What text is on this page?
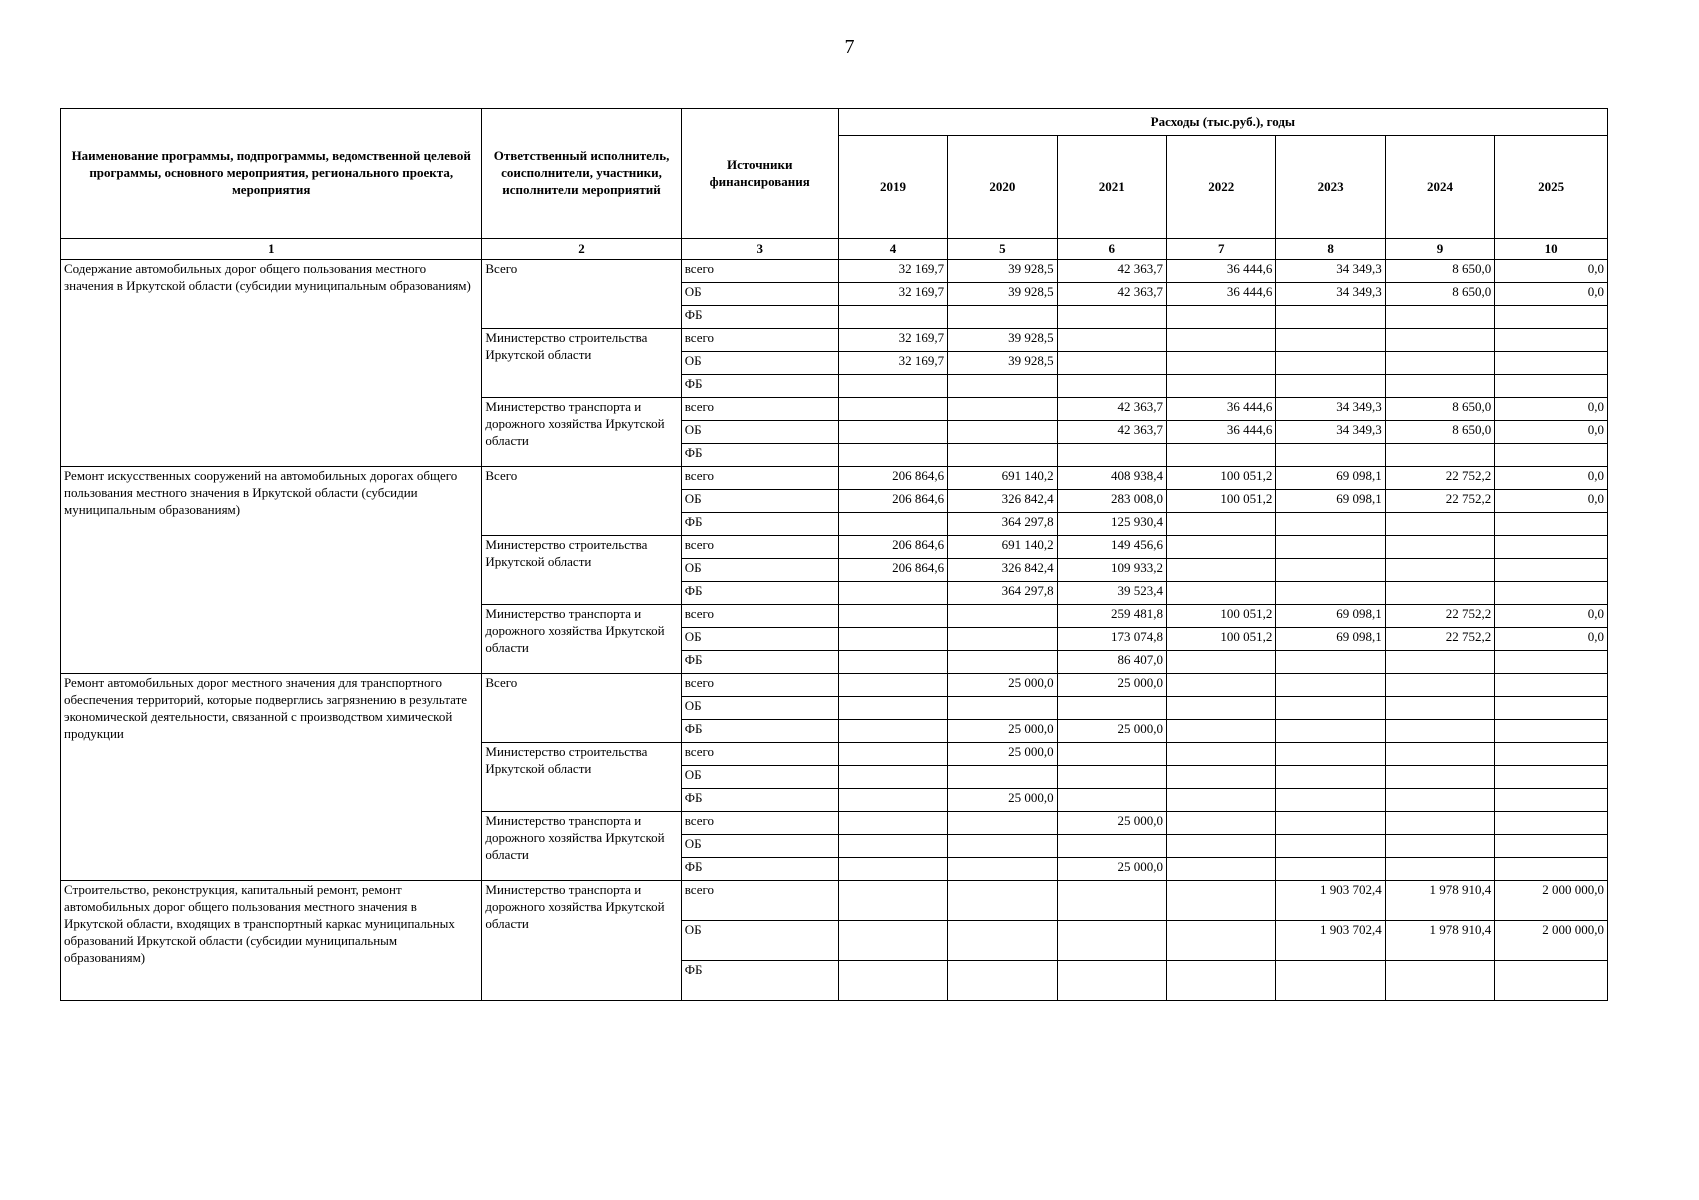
7
Наименование программы, подпрограммы, ведомственной целевой программы, основного мероприятия, регионального проекта, мероприятия	Ответственный исполнитель, соисполнители, участники, исполнители мероприятий	Источники финансирования	Расходы (тыс.руб.), годы						
			2019	2020	2021	2022	2023	2024	2025
1	2	3	4	5	6	7	8	9	10
Содержание автомобильных дорог общего пользования местного значения в Иркутской области (субсидии муниципальным образованиям)	Всего	всего	32 169,7	39 928,5	42 363,7	36 444,6	34 349,3	8 650,0	0,0
		ОБ	32 169,7	39 928,5	42 363,7	36 444,6	34 349,3	8 650,0	0,0
		ФБ							
	Министерство строительства Иркутской области	всего	32 169,7	39 928,5					
		ОБ	32 169,7	39 928,5					
		ФБ							
	Министерство транспорта и дорожного хозяйства Иркутской области	всего			42 363,7	36 444,6	34 349,3	8 650,0	0,0
		ОБ			42 363,7	36 444,6	34 349,3	8 650,0	0,0
		ФБ							
Ремонт искусственных сооружений на автомобильных дорогах общего пользования местного значения в Иркутской области (субсидии муниципальным образованиям)	Всего	всего	206 864,6	691 140,2	408 938,4	100 051,2	69 098,1	22 752,2	0,0
		ОБ	206 864,6	326 842,4	283 008,0	100 051,2	69 098,1	22 752,2	0,0
		ФБ		364 297,8	125 930,4				
	Министерство строительства Иркутской области	всего	206 864,6	691 140,2	149 456,6				
		ОБ	206 864,6	326 842,4	109 933,2				
		ФБ		364 297,8	39 523,4				
	Министерство транспорта и дорожного хозяйства Иркутской области	всего			259 481,8	100 051,2	69 098,1	22 752,2	0,0
		ОБ			173 074,8	100 051,2	69 098,1	22 752,2	0,0
		ФБ			86 407,0				
Ремонт автомобильных дорог местного значения для транспортного обеспечения территорий, которые подверглись загрязнению в результате экономической деятельности, связанной с производством химической продукции	Всего	всего		25 000,0	25 000,0				
		ОБ							
		ФБ		25 000,0	25 000,0				
	Министерство строительства Иркутской области	всего		25 000,0					
		ОБ							
		ФБ		25 000,0					
	Министерство транспорта и дорожного хозяйства Иркутской области	всего			25 000,0				
		ОБ							
		ФБ			25 000,0				
Строительство, реконструкция, капитальный ремонт, ремонт автомобильных дорог общего пользования местного значения в Иркутской области, входящих в транспортный каркас муниципальных образований Иркутской области (субсидии муниципальным образованиям)	Министерство транспорта и дорожного хозяйства Иркутской области	всего					1 903 702,4	1 978 910,4	2 000 000,0
		ОБ					1 903 702,4	1 978 910,4	2 000 000,0
		ФБ							
